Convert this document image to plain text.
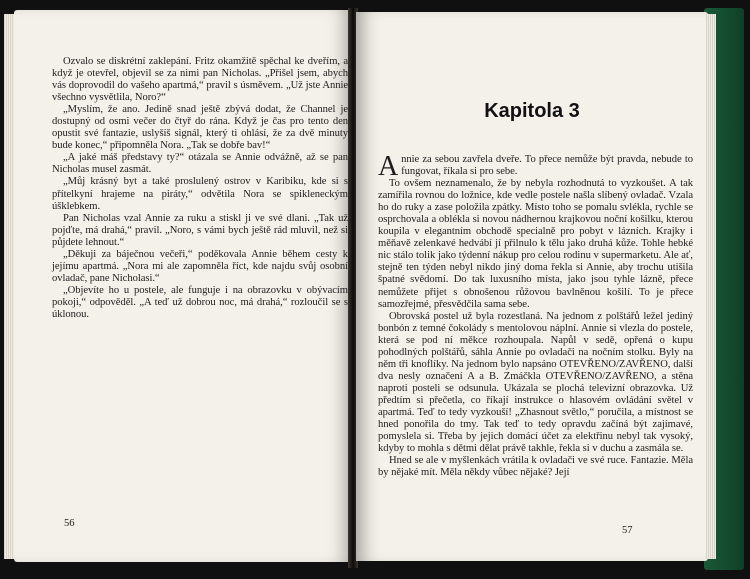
Ozvalo se diskrétní zaklepání. Fritz okamžitě spěchal ke dveřím, a když je otevřel, objevil se za nimi pan Nicholas. „Přišel jsem, abych vás doprovodil do vašeho apartmá,“ pravil s úsměvem. „Už jste Annie všechno vysvětlila, Noro?“

„Myslím, že ano. Jedině snad ještě zbývá dodat, že Channel je dostupný od osmi večer do čtyř do rána. Když je čas pro tento den opustit své fantazie, uslyšíš signál, který ti ohlásí, že za dvě minuty bude konec,“ připomněla Nora. „Tak se dobře bav!“

„A jaké máš představy ty?“ otázala se Annie odvážně, až se pan Nicholas musel zasmát.

„Můj krásný byt a také proslulený ostrov v Karibiku, kde si s přítelkyní hrajeme na piráty,“ odvětila Nora se spikleneckým úšklebkem.

Pan Nicholas vzal Annie za ruku a stiskl ji ve své dlani. „Tak už pojďte, má drahá,“ pravil. „Noro, s vámi bych ještě rád mluvil, než si půjdete lehnout.“

„Děkuji za báječnou večeři,“ poděkovala Annie během cesty k jejímu apartmá. „Nora mi ale zapomněla říct, kde najdu svůj osobní ovladač, pane Nicholasi.“

„Objevíte ho u postele, ale funguje i na obrazovku v obývacím pokoji,“ odpověděl. „A teď už dobrou noc, má drahá,“ rozloučil se s úklonou.

56
Kapitola 3

Annie za sebou zavřela dveře. To přece nemůže být pravda, nebude to fungovat, říkala si pro sebe.

To ovšem neznamenalo, že by nebyla rozhodnutá to vyzkoušet. A tak zamířila rovnou do ložnice, kde vedle postele našla slíbený ovladač. Vzala ho do ruky a zase položila zpátky. Místo toho se pomalu svlékla, rychle se osprchovala a oblékla si novou nádhernou krajkovou noční košilku, kterou koupila v elegantním obchodě specialně pro pobyt v lázních. Krajky i měňavě zelenkavé hedvábí jí přilnulo k tělu jako druhá kůže. Tohle hebké nic stálo tolik jako týdenní nákup pro celou rodinu v supermarketu. Ale ať, stejně ten týden nebyl nikdo jiný doma řekla si Annie, aby trochu utišila špatné svědomí. Do tak luxusního místa, jako jsou tyhle lázně, přece nemůžete přijet s obnošenou růžovou bavlněnou košilí. To je přece samozřejmé, přesvědčila sama sebe.

Obrovská postel už byla rozestlaná. Na jednom z polštářů ležel jediný bonbón z temné čokolády s mentolovou náplní. Annie si vlezla do postele, která se pod ní měkce rozhoupala. Napůl v sedě, opřená o kupu pohodlných polštářů, sáhla Annie po ovladači na nočním stolku. Byly na něm tři knoflíky. Na jednom bylo napsáno OTEVŘENO/ZAVŘENO, další dva nesly označení A a B. Zmáčkla OTEVŘENO/ZAVŘENO, a stěna naproti posteli se odsunula. Ukázala se plochá televizní obrazovka. Už předtím si přečetla, co říkají instrukce o hlasovém ovládání světel v apartmá. Teď to tedy vyzkouší! „Zhasnout světlo,“ poručila, a místnost se hned ponořila do tmy. Tak teď to tedy opravdu začíná být zajímavé, pomyslela si. Třeba by jejich domácí účet za elektřinu nebyl tak vysoký, kdyby to mohla s dětmi dělat právě takhle, řekla si v duchu a zasmála se.

Hned se ale v myšlenkách vrátila k ovladači ve své ruce. Fantazie. Měla by nějaké mít. Měla někdy vůbec nějaké? Její

57
